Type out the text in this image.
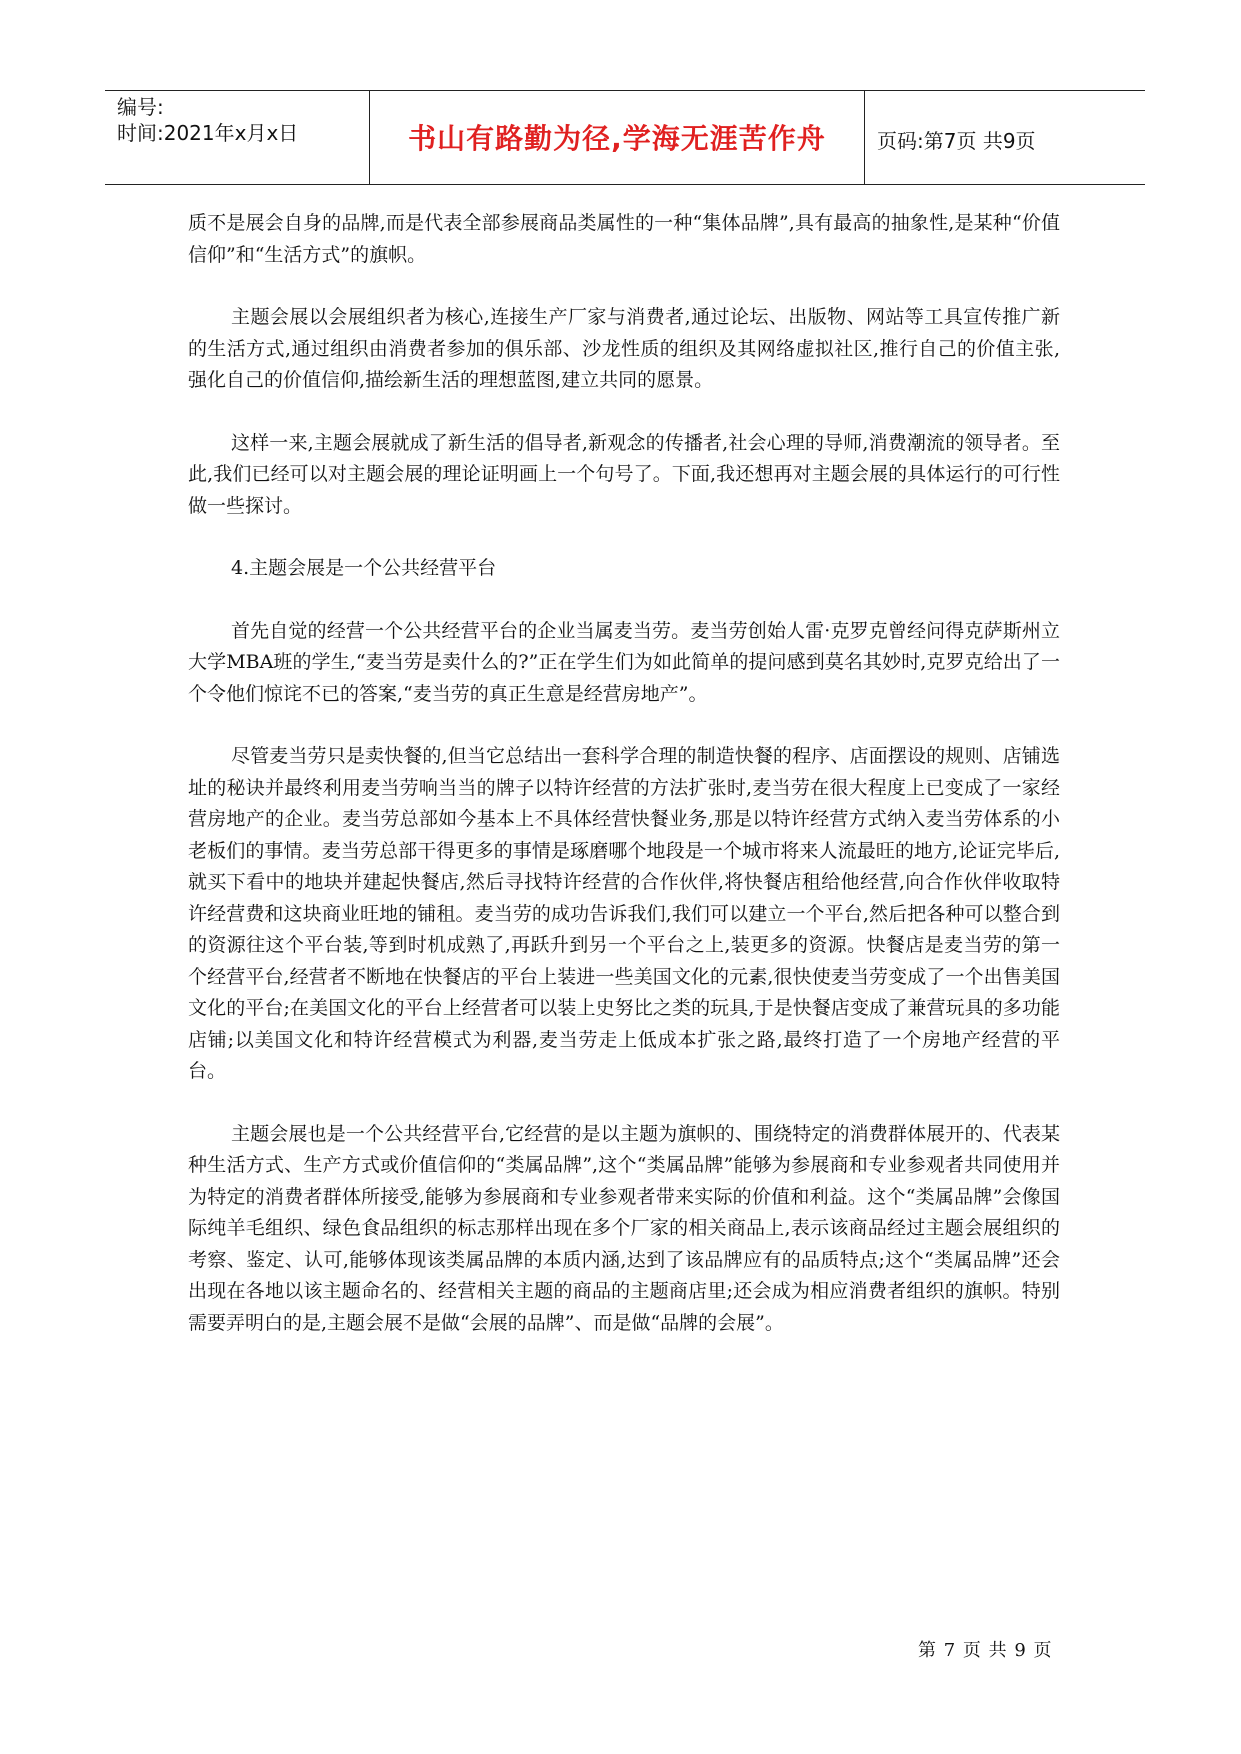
编号:
时间:2021年x月x日	书山有路勤为径,学海无涯苦作舟	页码:第7页 共9页

质不是展会自身的品牌,而是代表全部参展商品类属性的一种“集体品牌”,具有最高的抽象性,是某种“价值信仰”和“生活方式”的旗帜。

主题会展以会展组织者为核心,连接生产厂家与消费者,通过论坛、出版物、网站等工具宣传推广新的生活方式,通过组织由消费者参加的俱乐部、沙龙性质的组织及其网络虚拟社区,推行自己的价值主张,强化自己的价值信仰,描绘新生活的理想蓝图,建立共同的愿景。

这样一来,主题会展就成了新生活的倡导者,新观念的传播者,社会心理的导师,消费潮流的领导者。至此,我们已经可以对主题会展的理论证明画上一个句号了。下面,我还想再对主题会展的具体运行的可行性做一些探讨。

4.主题会展是一个公共经营平台

首先自觉的经营一个公共经营平台的企业当属麦当劳。麦当劳创始人雷·克罗克曾经问得克萨斯州立大学MBA班的学生,“麦当劳是卖什么的?”正在学生们为如此简单的提问感到莫名其妙时,克罗克给出了一个令他们惊诧不已的答案,“麦当劳的真正生意是经营房地产”。

尽管麦当劳只是卖快餐的,但当它总结出一套科学合理的制造快餐的程序、店面摆设的规则、店铺选址的秘诀并最终利用麦当劳响当当的牌子以特许经营的方法扩张时,麦当劳在很大程度上已变成了一家经营房地产的企业。麦当劳总部如今基本上不具体经营快餐业务,那是以特许经营方式纳入麦当劳体系的小老板们的事情。麦当劳总部干得更多的事情是琢磨哪个地段是一个城市将来人流最旺的地方,论证完毕后,就买下看中的地块并建起快餐店,然后寻找特许经营的合作伙伴,将快餐店租给他经营,向合作伙伴收取特许经营费和这块商业旺地的铺租。麦当劳的成功告诉我们,我们可以建立一个平台,然后把各种可以整合到的资源往这个平台装,等到时机成熟了,再跃升到另一个平台之上,装更多的资源。快餐店是麦当劳的第一个经营平台,经营者不断地在快餐店的平台上装进一些美国文化的元素,很快使麦当劳变成了一个出售美国文化的平台;在美国文化的平台上经营者可以装上史努比之类的玩具,于是快餐店变成了兼营玩具的多功能店铺;以美国文化和特许经营模式为利器,麦当劳走上低成本扩张之路,最终打造了一个房地产经营的平台。

主题会展也是一个公共经营平台,它经营的是以主题为旗帜的、围绕特定的消费群体展开的、代表某种生活方式、生产方式或价值信仰的“类属品牌”,这个“类属品牌”能够为参展商和专业参观者共同使用并为特定的消费者群体所接受,能够为参展商和专业参观者带来实际的价值和利益。这个“类属品牌”会像国际纯羊毛组织、绿色食品组织的标志那样出现在多个厂家的相关商品上,表示该商品经过主题会展组织的考察、鉴定、认可,能够体现该类属品牌的本质内涵,达到了该品牌应有的品质特点;这个“类属品牌”还会出现在各地以该主题命名的、经营相关主题的商品的主题商店里;还会成为相应消费者组织的旗帜。特别需要弄明白的是,主题会展不是做“会展的品牌”、而是做“品牌的会展”。

第 7 页 共 9 页
